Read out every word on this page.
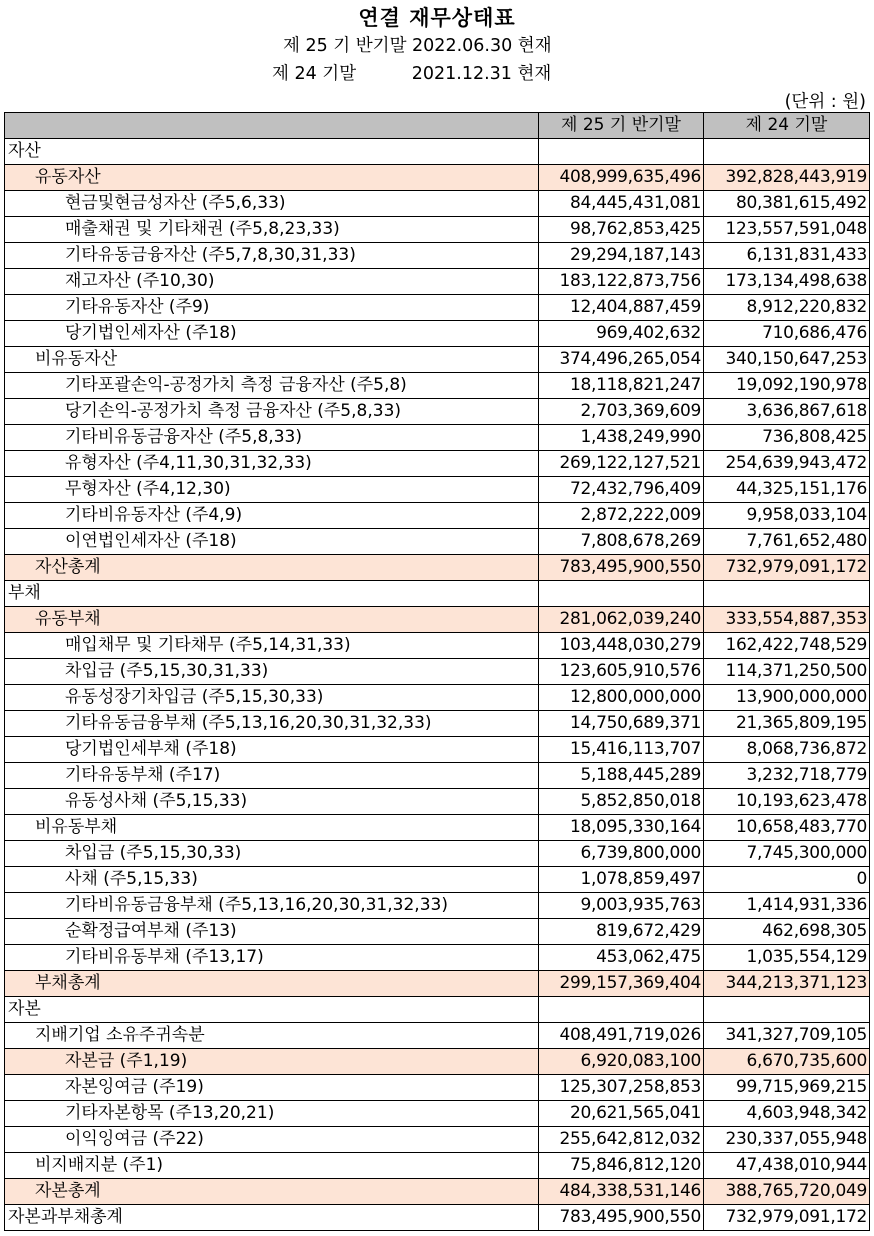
연결 재무상태표
제 25 기 반기말 2022.06.30 현재
제 24 기말          2021.12.31 현재
(단위 : 원)
	제 25 기 반기말	제 24 기말
자산		
유동자산	408,999,635,496	392,828,443,919
현금및현금성자산 (주5,6,33)	84,445,431,081	80,381,615,492
매출채권 및 기타채권 (주5,8,23,33)	98,762,853,425	123,557,591,048
기타유동금융자산 (주5,7,8,30,31,33)	29,294,187,143	6,131,831,433
재고자산 (주10,30)	183,122,873,756	173,134,498,638
기타유동자산 (주9)	12,404,887,459	8,912,220,832
당기법인세자산 (주18)	969,402,632	710,686,476
비유동자산	374,496,265,054	340,150,647,253
기타포괄손익-공정가치 측정 금융자산 (주5,8)	18,118,821,247	19,092,190,978
당기손익-공정가치 측정 금융자산 (주5,8,33)	2,703,369,609	3,636,867,618
기타비유동금융자산 (주5,8,33)	1,438,249,990	736,808,425
유형자산 (주4,11,30,31,32,33)	269,122,127,521	254,639,943,472
무형자산 (주4,12,30)	72,432,796,409	44,325,151,176
기타비유동자산 (주4,9)	2,872,222,009	9,958,033,104
이연법인세자산 (주18)	7,808,678,269	7,761,652,480
자산총계	783,495,900,550	732,979,091,172
부채		
유동부채	281,062,039,240	333,554,887,353
매입채무 및 기타채무 (주5,14,31,33)	103,448,030,279	162,422,748,529
차입금 (주5,15,30,31,33)	123,605,910,576	114,371,250,500
유동성장기차입금 (주5,15,30,33)	12,800,000,000	13,900,000,000
기타유동금융부채 (주5,13,16,20,30,31,32,33)	14,750,689,371	21,365,809,195
당기법인세부채 (주18)	15,416,113,707	8,068,736,872
기타유동부채 (주17)	5,188,445,289	3,232,718,779
유동성사채 (주5,15,33)	5,852,850,018	10,193,623,478
비유동부채	18,095,330,164	10,658,483,770
차입금 (주5,15,30,33)	6,739,800,000	7,745,300,000
사채 (주5,15,33)	1,078,859,497	0
기타비유동금융부채 (주5,13,16,20,30,31,32,33)	9,003,935,763	1,414,931,336
순확정급여부채 (주13)	819,672,429	462,698,305
기타비유동부채 (주13,17)	453,062,475	1,035,554,129
부채총계	299,157,369,404	344,213,371,123
자본		
지배기업 소유주귀속분	408,491,719,026	341,327,709,105
자본금 (주1,19)	6,920,083,100	6,670,735,600
자본잉여금 (주19)	125,307,258,853	99,715,969,215
기타자본항목 (주13,20,21)	20,621,565,041	4,603,948,342
이익잉여금 (주22)	255,642,812,032	230,337,055,948
비지배지분 (주1)	75,846,812,120	47,438,010,944
자본총계	484,338,531,146	388,765,720,049
자본과부채총계	783,495,900,550	732,979,091,172
